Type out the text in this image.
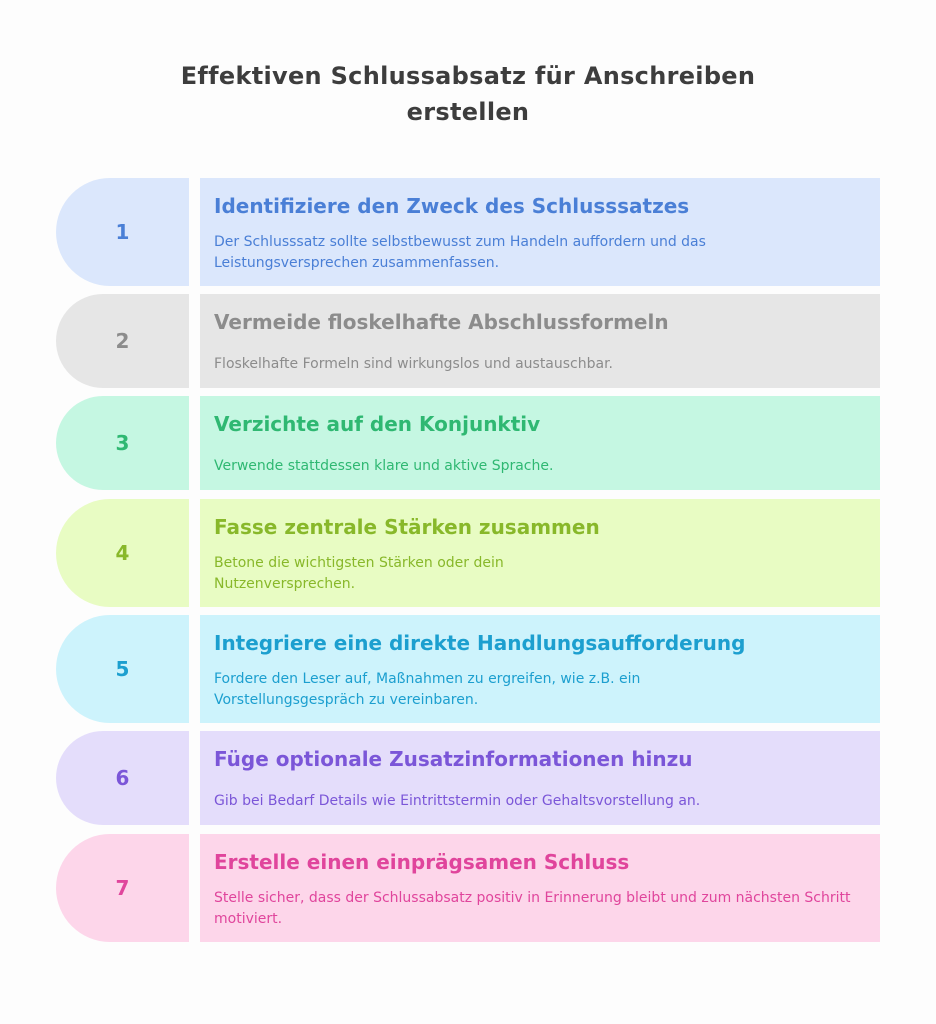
Effektiven Schlussabsatz für Anschreiben
erstellen
1
Identifiziere den Zweck des Schlusssatzes
Der Schlusssatz sollte selbstbewusst zum Handeln auffordern und das Leistungsversprechen zusammenfassen.
2
Vermeide floskelhafte Abschlussformeln
Floskelhafte Formeln sind wirkungslos und austauschbar.
3
Verzichte auf den Konjunktiv
Verwende stattdessen klare und aktive Sprache.
4
Fasse zentrale Stärken zusammen
Betone die wichtigsten Stärken oder dein Nutzenversprechen.
5
Integriere eine direkte Handlungsaufforderung
Fordere den Leser auf, Maßnahmen zu ergreifen, wie z.B. ein Vorstellungsgespräch zu vereinbaren.
6
Füge optionale Zusatzinformationen hinzu
Gib bei Bedarf Details wie Eintrittstermin oder Gehaltsvorstellung an.
7
Erstelle einen einprägsamen Schluss
Stelle sicher, dass der Schlussabsatz positiv in Erinnerung bleibt und zum nächsten Schritt motiviert.
